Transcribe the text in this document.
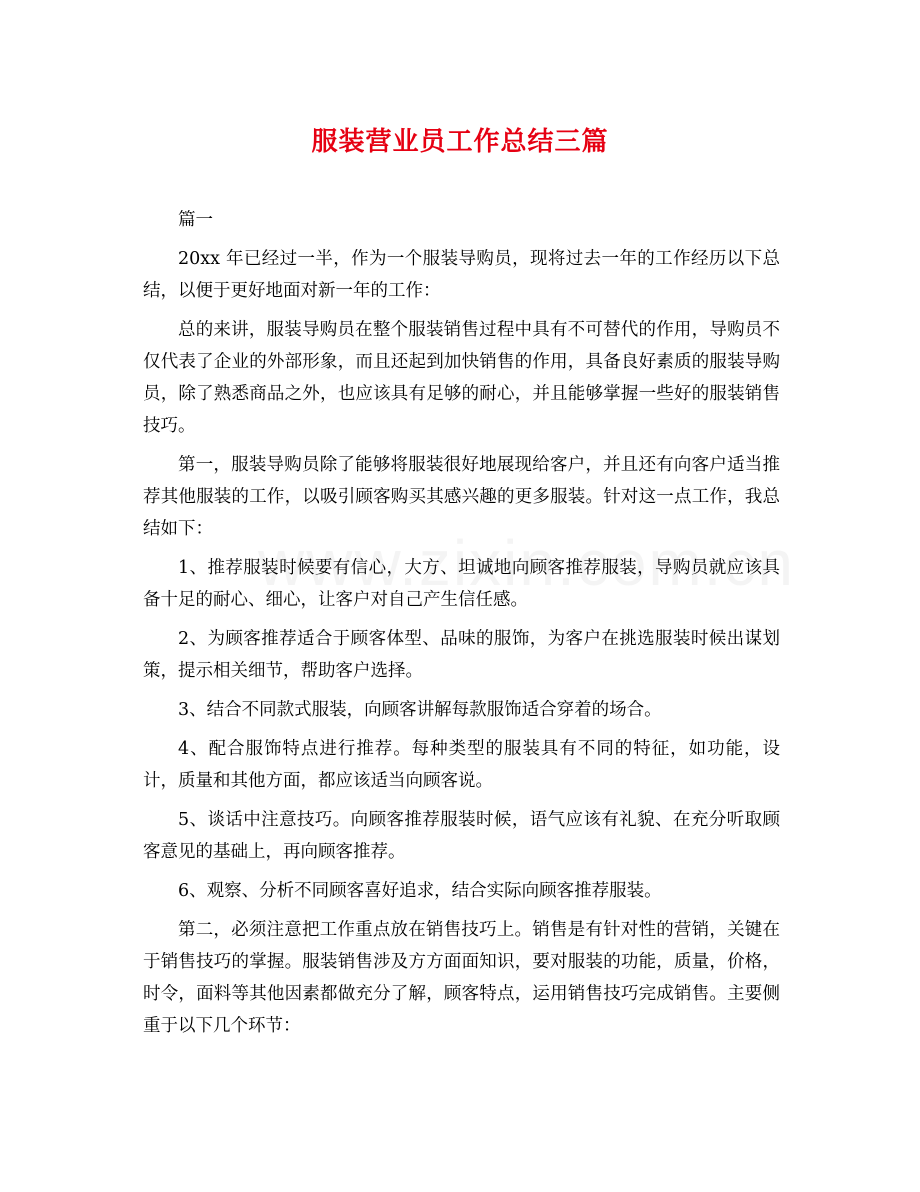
服装营业员工作总结三篇

篇一

20xx 年已经过一半，作为一个服装导购员，现将过去一年的工作经历以下总结，以便于更好地面对新一年的工作：

总的来讲，服装导购员在整个服装销售过程中具有不可替代的作用，导购员不仅代表了企业的外部形象，而且还起到加快销售的作用，具备良好素质的服装导购员，除了熟悉商品之外，也应该具有足够的耐心，并且能够掌握一些好的服装销售技巧。

第一，服装导购员除了能够将服装很好地展现给客户，并且还有向客户适当推荐其他服装的工作，以吸引顾客购买其感兴趣的更多服装。针对这一点工作，我总结如下：

1、推荐服装时候要有信心，大方、坦诚地向顾客推荐服装，导购员就应该具备十足的耐心、细心，让客户对自己产生信任感。

2、为顾客推荐适合于顾客体型、品味的服饰，为客户在挑选服装时候出谋划策，提示相关细节，帮助客户选择。

3、结合不同款式服装，向顾客讲解每款服饰适合穿着的场合。

4、配合服饰特点进行推荐。每种类型的服装具有不同的特征，如功能，设计，质量和其他方面，都应该适当向顾客说。

5、谈话中注意技巧。向顾客推荐服装时候，语气应该有礼貌、在充分听取顾客意见的基础上，再向顾客推荐。

6、观察、分析不同顾客喜好追求，结合实际向顾客推荐服装。

第二，必须注意把工作重点放在销售技巧上。销售是有针对性的营销，关键在于销售技巧的掌握。服装销售涉及方方面面知识，要对服装的功能，质量，价格，时令，面料等其他因素都做充分了解，顾客特点，运用销售技巧完成销售。主要侧重于以下几个环节：
